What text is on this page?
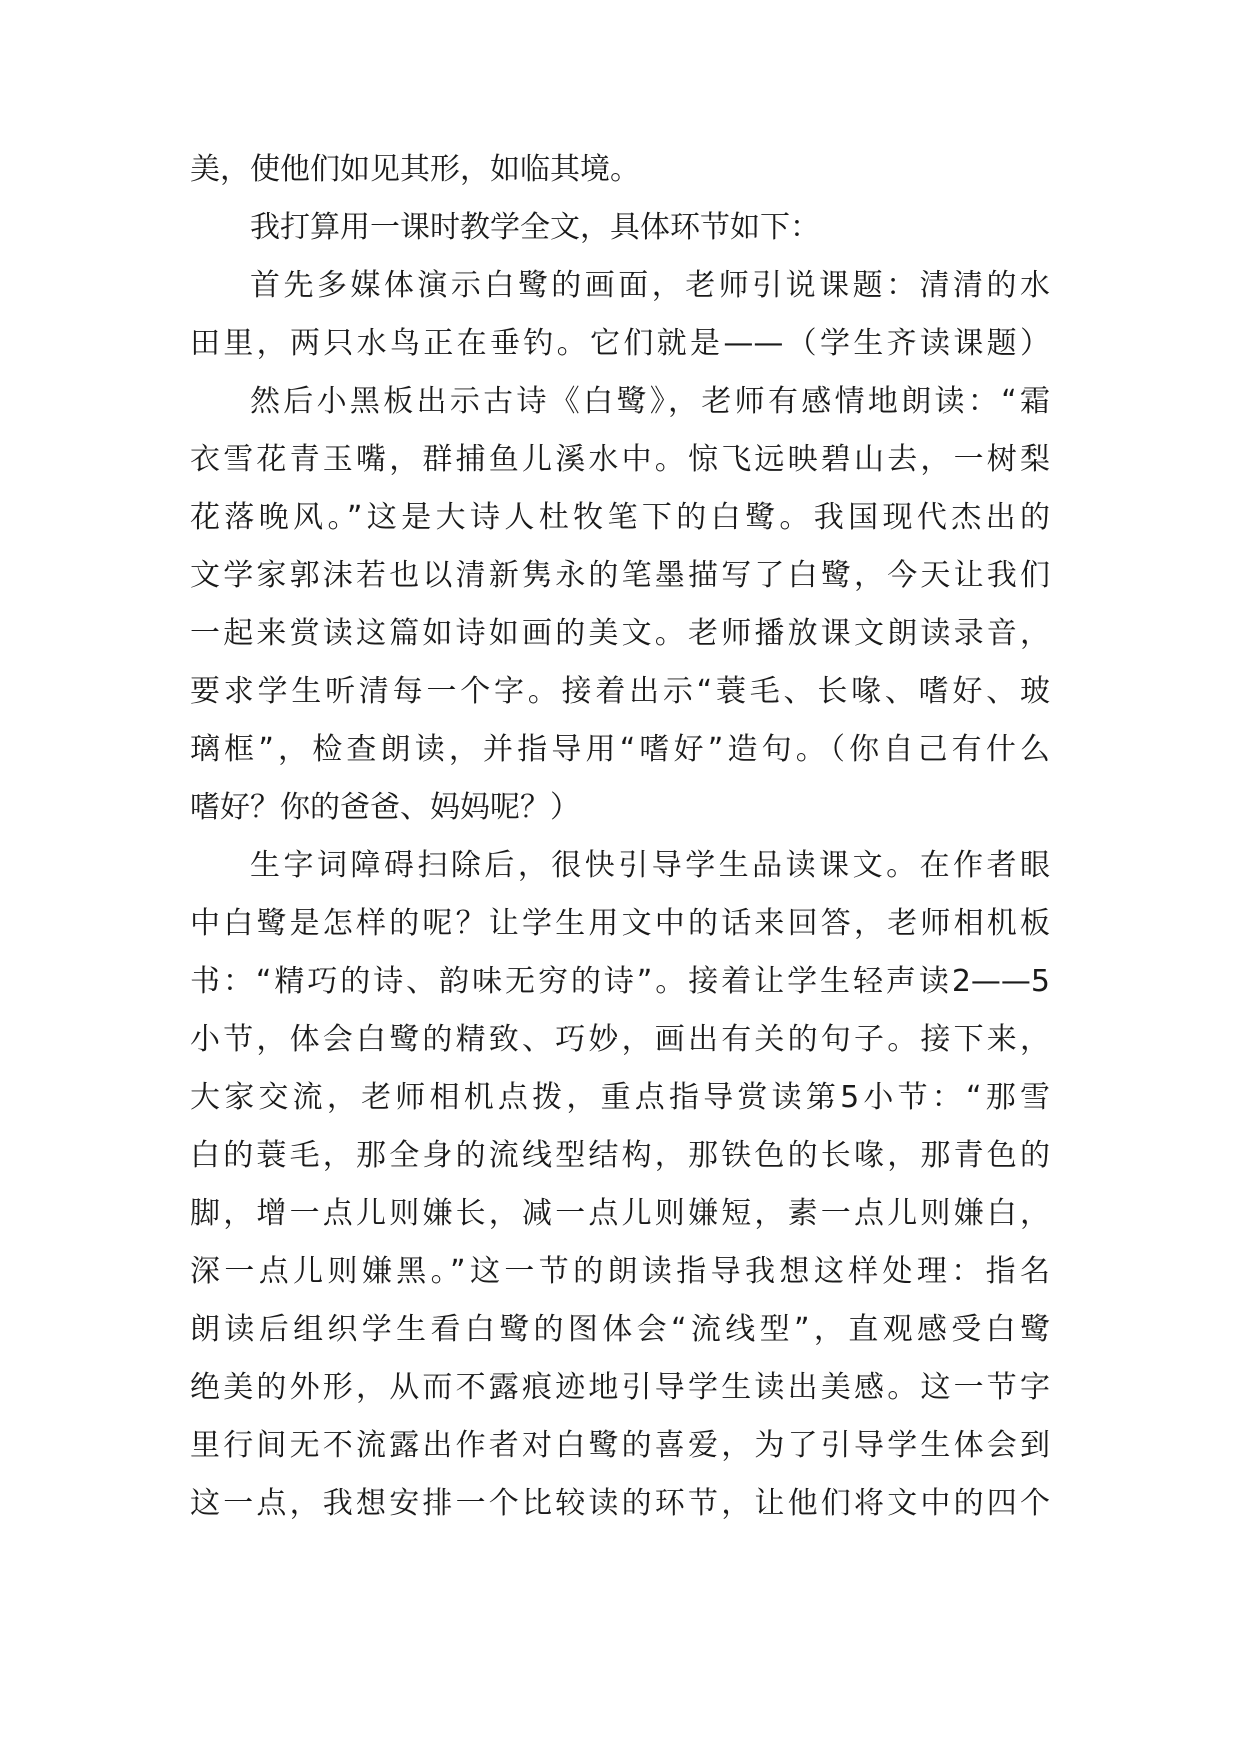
美，使他们如见其形，如临其境。
我打算用一课时教学全文，具体环节如下：
首先多媒体演示白鹭的画面，老师引说课题：清清的水
田里，两只水鸟正在垂钓。它们就是——（学生齐读课题）
然后小黑板出示古诗《白鹭》，老师有感情地朗读：“霜
衣雪花青玉嘴，群捕鱼儿溪水中。惊飞远映碧山去，一树梨
花落晚风。”这是大诗人杜牧笔下的白鹭。我国现代杰出的
文学家郭沫若也以清新隽永的笔墨描写了白鹭，今天让我们
一起来赏读这篇如诗如画的美文。老师播放课文朗读录音，
要求学生听清每一个字。接着出示“蓑毛、长喙、嗜好、玻
璃框”，检查朗读，并指导用“嗜好”造句。（你自己有什么
嗜好？你的爸爸、妈妈呢？）
生字词障碍扫除后，很快引导学生品读课文。在作者眼
中白鹭是怎样的呢？让学生用文中的话来回答，老师相机板
书：“精巧的诗、韵味无穷的诗”。接着让学生轻声读2——5
小节，体会白鹭的精致、巧妙，画出有关的句子。接下来，
大家交流，老师相机点拨，重点指导赏读第5小节：“那雪
白的蓑毛，那全身的流线型结构，那铁色的长喙，那青色的
脚，增一点儿则嫌长，减一点儿则嫌短，素一点儿则嫌白，
深一点儿则嫌黑。”这一节的朗读指导我想这样处理：指名
朗读后组织学生看白鹭的图体会“流线型”，直观感受白鹭
绝美的外形，从而不露痕迹地引导学生读出美感。这一节字
里行间无不流露出作者对白鹭的喜爱，为了引导学生体会到
这一点，我想安排一个比较读的环节，让他们将文中的四个
